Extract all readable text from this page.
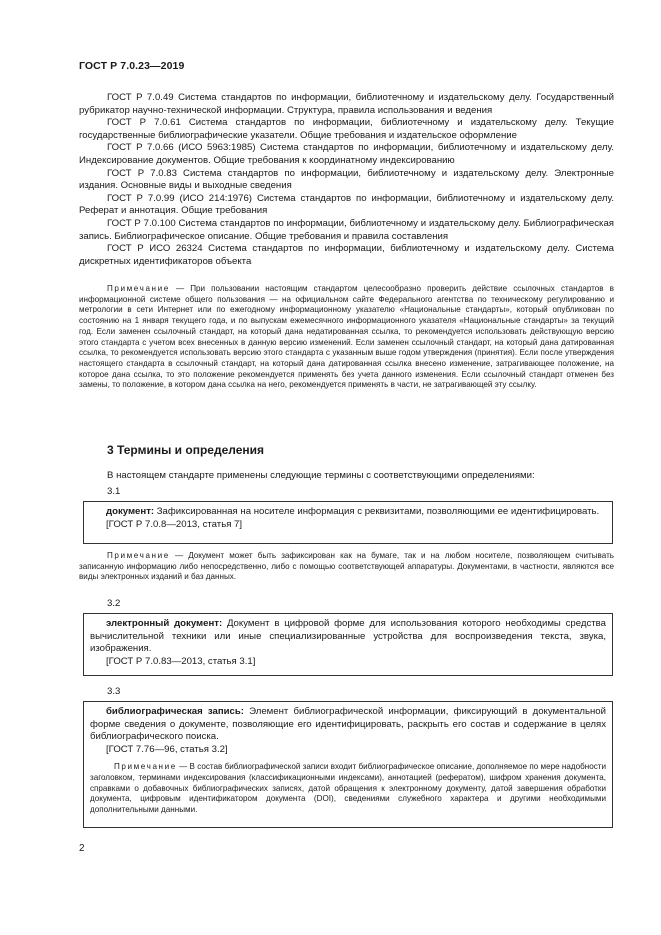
ГОСТ Р 7.0.23—2019

ГОСТ Р 7.0.49 Система стандартов по информации, библиотечному и издательскому делу. Государственный рубрикатор научно-технической информации. Структура, правила использования и ведения

ГОСТ Р 7.0.61 Система стандартов по информации, библиотечному и издательскому делу. Текущие государственные библиографические указатели. Общие требования и издательское оформление

ГОСТ Р 7.0.66 (ИСО 5963:1985) Система стандартов по информации, библиотечному и издательскому делу. Индексирование документов. Общие требования к координатному индексированию

ГОСТ Р 7.0.83 Система стандартов по информации, библиотечному и издательскому делу. Электронные издания. Основные виды и выходные сведения

ГОСТ Р 7.0.99 (ИСО 214:1976) Система стандартов по информации, библиотечному и издательскому делу. Реферат и аннотация. Общие требования

ГОСТ Р 7.0.100 Система стандартов по информации, библиотечному и издательскому делу. Библиографическая запись. Библиографическое описание. Общие требования и правила составления

ГОСТ Р ИСО 26324 Система стандартов по информации, библиотечному и издательскому делу. Система дискретных идентификаторов объекта

Примечание — При пользовании настоящим стандартом целесообразно проверить действие ссылочных стандартов в информационной системе общего пользования — на официальном сайте Федерального агентства по техническому регулированию и метрологии в сети Интернет или по ежегодному информационному указателю «Национальные стандарты», который опубликован по состоянию на 1 января текущего года, и по выпускам ежемесячного информационного указателя «Национальные стандарты» за текущий год. Если заменен ссылочный стандарт, на который дана недатированная ссылка, то рекомендуется использовать действующую версию этого стандарта с учетом всех внесенных в данную версию изменений. Если заменен ссылочный стандарт, на который дана датированная ссылка, то рекомендуется использовать версию этого стандарта с указанным выше годом утверждения (принятия). Если после утверждения настоящего стандарта в ссылочный стандарт, на который дана датированная ссылка внесено изменение, затрагивающее положение, на которое дана ссылка, то это положение рекомендуется применять без учета данного изменения. Если ссылочный стандарт отменен без замены, то положение, в котором дана ссылка на него, рекомендуется применять в части, не затрагивающей эту ссылку.

3 Термины и определения

В настоящем стандарте применены следующие термины с соответствующими определениями:

3.1

документ: Зафиксированная на носителе информация с реквизитами, позволяющими ее идентифицировать.

[ГОСТ Р 7.0.8—2013, статья 7]

Примечание — Документ может быть зафиксирован как на бумаге, так и на любом носителе, позволяющем считывать записанную информацию либо непосредственно, либо с помощью соответствующей аппаратуры. Документами, в частности, являются все виды электронных изданий и баз данных.

3.2

электронный документ: Документ в цифровой форме для использования которого необходимы средства вычислительной техники или иные специализированные устройства для воспроизведения текста, звука, изображения.

[ГОСТ Р 7.0.83—2013, статья 3.1]

3.3

библиографическая запись: Элемент библиографической информации, фиксирующий в документальной форме сведения о документе, позволяющие его идентифицировать, раскрыть его состав и содержание в целях библиографического поиска.

[ГОСТ 7.76—96, статья 3.2]

Примечание — В состав библиографической записи входит библиографическое описание, дополняемое по мере надобности заголовком, терминами индексирования (классификационными индексами), аннотацией (рефератом), шифром хранения документа, справками о добавочных библиографических записях, датой обращения к электронному документу, датой завершения обработки документа, цифровым идентификатором документа (DOI), сведениями служебного характера и другими необходимыми дополнительными данными.

2
